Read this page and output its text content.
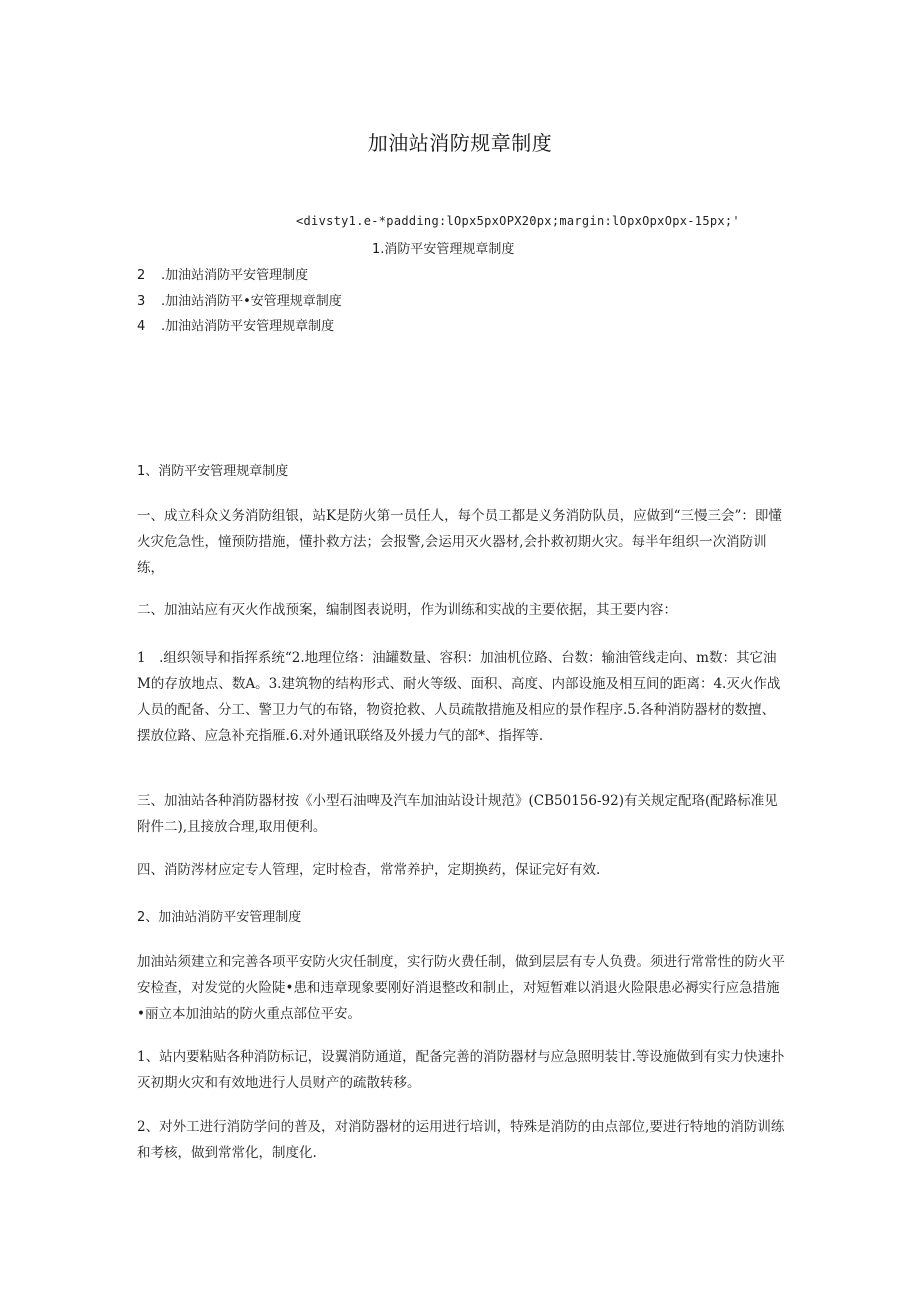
加油站消防规章制度
<divsty1.e-*padding:lOpx5pxOPX20px;margin:lOpxOpxOpx-15px;'
1.消防平安管理规章制度
2 .加油站消防平安管理制度
3 .加油站消防平•安管理规章制度
4 .加油站消防平安管理规章制度
1、消防平安管理规章制度

一、成立科众义务消防组银，站K是防火第一员任人，每个员工都是义务消防队员，应做到“三慢三会”：即懂火灾危急性，憧预防措施，懂扑救方法；会报警,会运用灭火器材,会扑救初期火灾。每半年组织一次消防训练，

二、加油站应有灭火作战预案，编制图表说明，作为训练和实战的主要依据，其王要内容：

1　.组织领导和指挥系统“2.地理位络：油罐数量、容积：加油机位路、台数：输油管线走向、m数：其它油M的存放地点、数A。3.建筑物的结构形式、耐火等级、面积、高度、内部设施及相互间的距离：4.灭火作战人员的配备、分工、警卫力气的布铬，物资抢救、人员疏散措施及相应的景作程序.5.各种消防器材的数擅、摆放位路、应急补充指雁.6.对外通讯联络及外援力气的部*、指挥等.

三、加油站各种消防器材按《小型石油啤及汽车加油站设计规范》(CB50156-92)有关规定配珞(配路标准见附件二),且接放合理,取用便利。

四、消防涔材应定专人管理，定时检杳，常常养护，定期换药，保证完好有效.

2、加油站消防平安管理制度

加油站须建立和完善各项平安防火灾任制度，实行防火费任制，做到层层有专人负费。须进行常常性的防火平安检查，对发觉的火险陡•患和违章现象要刚好消退整改和制止，对短暂难以消退火险限患必褥实行应急措施•丽立本加油站的防火重点部位平安。

1、站内要粘贴各种消防标记，设翼消防通道，配备完善的消防器材与应急照明装甘.等设施做到有实力快速扑灭初期火灾和有效地进行人员财产的疏散转移。

2、对外工进行消防学问的普及，对消防器材的运用进行培训，特殊是消防的由点部位,要进行特地的消防训练和考核，做到常常化，制度化.
